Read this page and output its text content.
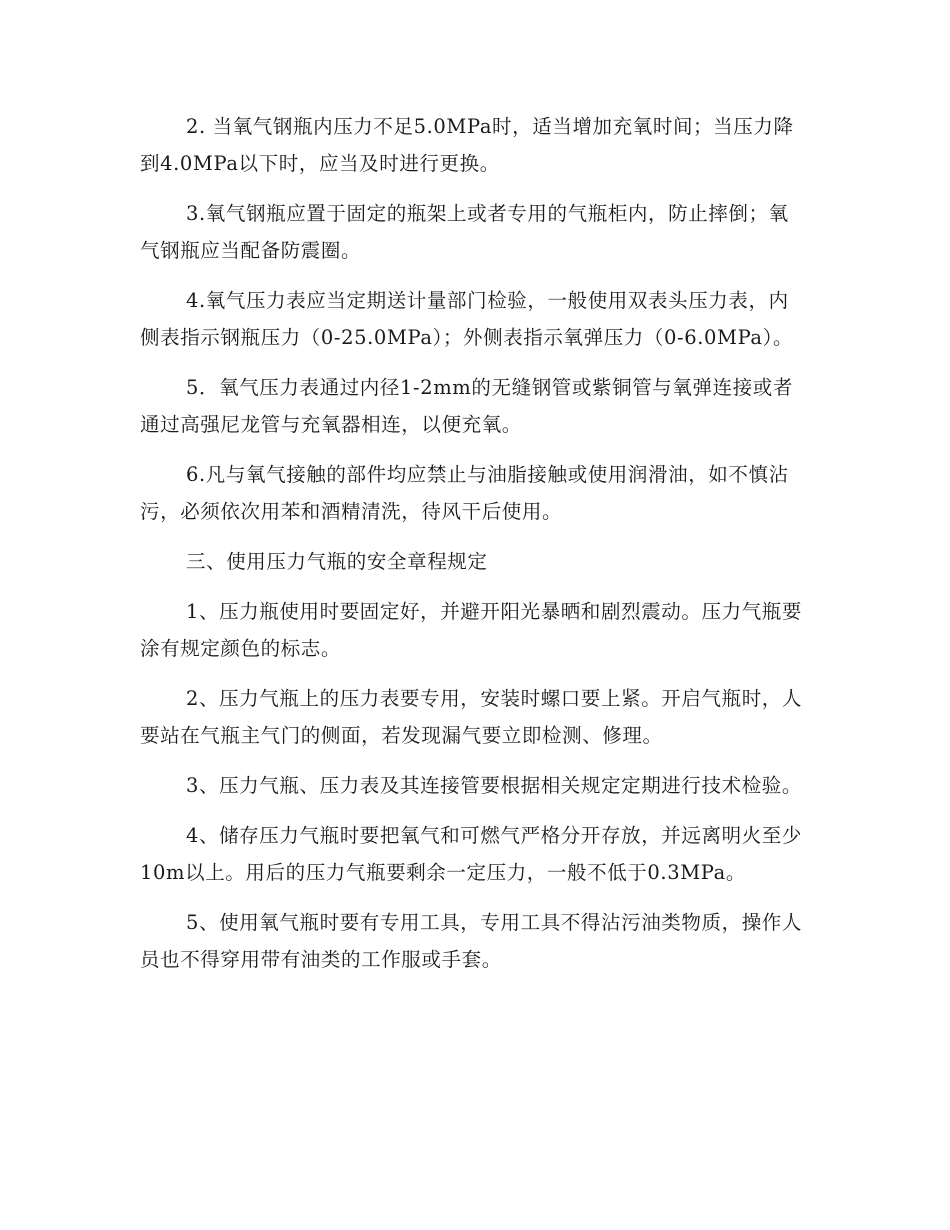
2. 当氧气钢瓶内压力不足5.0MPa时，适当增加充氧时间；当压力降到4.0MPa以下时，应当及时进行更换。

3.氧气钢瓶应置于固定的瓶架上或者专用的气瓶柜内，防止摔倒；氧气钢瓶应当配备防震圈。

4.氧气压力表应当定期送计量部门检验，一般使用双表头压力表，内侧表指示钢瓶压力（0-25.0MPa）；外侧表指示氧弹压力（0-6.0MPa）。

5．氧气压力表通过内径1-2mm的无缝钢管或紫铜管与氧弹连接或者通过高强尼龙管与充氧器相连，以便充氧。

6.凡与氧气接触的部件均应禁止与油脂接触或使用润滑油，如不慎沾污，必须依次用苯和酒精清洗，待风干后使用。

三、使用压力气瓶的安全章程规定

1、压力瓶使用时要固定好，并避开阳光暴晒和剧烈震动。压力气瓶要涂有规定颜色的标志。

2、压力气瓶上的压力表要专用，安装时螺口要上紧。开启气瓶时，人要站在气瓶主气门的侧面，若发现漏气要立即检测、修理。

3、压力气瓶、压力表及其连接管要根据相关规定定期进行技术检验。

4、储存压力气瓶时要把氧气和可燃气严格分开存放，并远离明火至少10m以上。用后的压力气瓶要剩余一定压力，一般不低于0.3MPa。

5、使用氧气瓶时要有专用工具，专用工具不得沾污油类物质，操作人员也不得穿用带有油类的工作服或手套。
